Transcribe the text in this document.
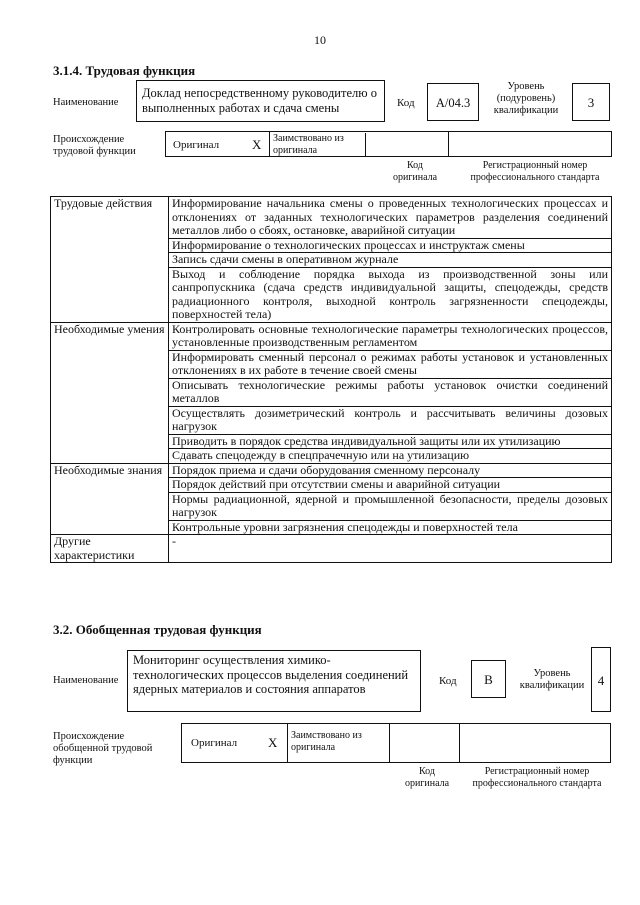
10
3.1.4. Трудовая функция
Наименование
Доклад непосредственному руководителю о выполненных работах и сдача смены	Код	А/04.3
Уровень (подуровень) квалификации
3
Происхождение трудовой функции
Оригинал	X	Заимствовано из оригинала
Код оригинала
Регистрационный номер профессионального стандарта
Трудовые действия	Информирование начальника смены о проведенных технологических процессах и отклонениях от заданных технологических параметров разделения соединений металлов либо о сбоях, остановке, аварийной ситуации
	Информирование о технологических процессах и инструктаж смены
	Запись сдачи смены в оперативном журнале
	Выход и соблюдение порядка выхода из производственной зоны или санпропускника (сдача средств индивидуальной защиты, спецодежды, средств радиационного контроля, выходной контроль загрязненности спецодежды, поверхностей тела)
Необходимые умения	Контролировать основные технологические параметры технологических процессов, установленные производственным регламентом
	Информировать сменный персонал о режимах работы установок и установленных отклонениях в их работе в течение своей смены
	Описывать технологические режимы работы установок очистки соединений металлов
	Осуществлять дозиметрический контроль и рассчитывать величины дозовых нагрузок
	Приводить в порядок средства индивидуальной защиты или их утилизацию
	Сдавать спецодежду в спецпрачечную или на утилизацию
Необходимые знания	Порядок приема и сдачи оборудования сменному персоналу
	Порядок действий при отсутствии смены и аварийной ситуации
	Нормы радиационной, ядерной и промышленной безопасности, пределы дозовых нагрузок
	Контрольные уровни загрязнения спецодежды и поверхностей тела
Другие характеристики	-
3.2. Обобщенная трудовая функция
Наименование
Мониторинг осуществления химико-технологических процессов выделения соединений ядерных материалов и состояния аппаратов
Код	В	Уровень квалификации	4
Происхождение обобщенной трудовой функции
Оригинал X	Заимствовано из оригинала
Код оригинала
Регистрационный номер профессионального стандарта
